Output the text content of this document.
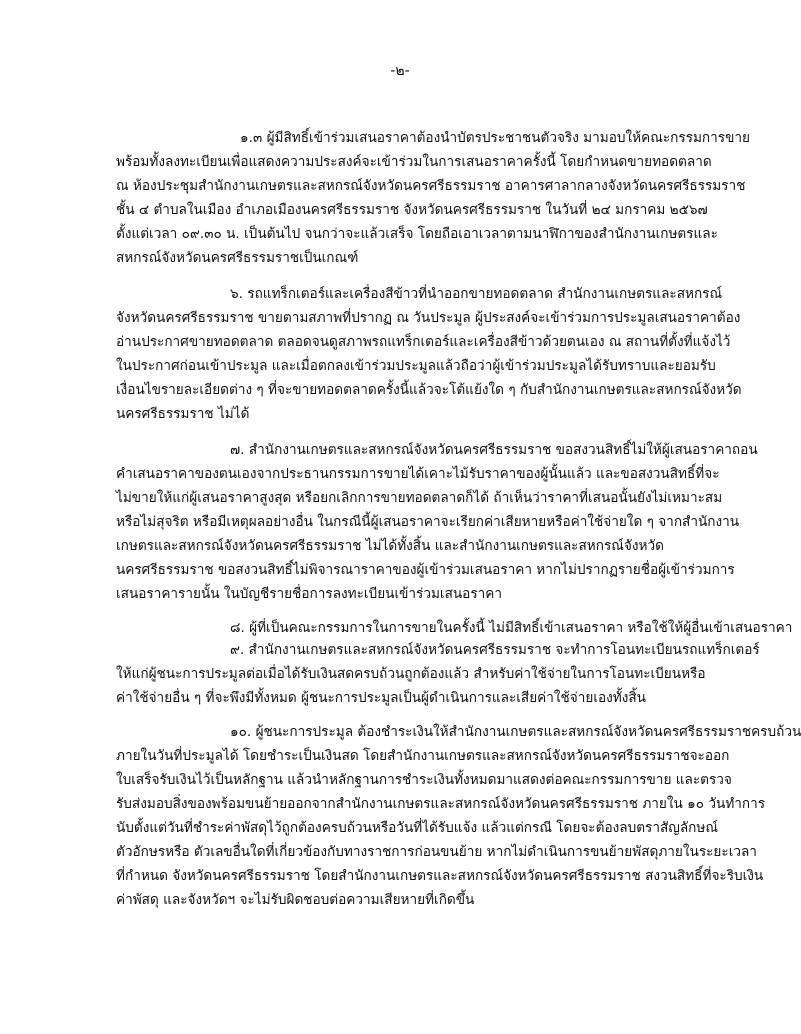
-๒-
๑.๓ ผู้มีสิทธิ์เข้าร่วมเสนอราคาต้องนำบัตรประชาชนตัวจริง มามอบให้คณะกรรมการขาย
พร้อมทั้งลงทะเบียนเพื่อแสดงความประสงค์จะเข้าร่วมในการเสนอราคาครั้งนี้ โดยกำหนดขายทอดตลาด
ณ ห้องประชุมสำนักงานเกษตรและสหกรณ์จังหวัดนครศรีธรรมราช อาคารศาลากลางจังหวัดนครศรีธรรมราช
ชั้น ๔ ตำบลในเมือง อำเภอเมืองนครศรีธรรมราช จังหวัดนครศรีธรรมราช ในวันที่ ๒๔ มกราคม ๒๕๖๗
ตั้งแต่เวลา ๐๙.๓๐ น. เป็นต้นไป จนกว่าจะแล้วเสร็จ โดยถือเอาเวลาตามนาฬิกาของสำนักงานเกษตรและ
สหกรณ์จังหวัดนครศรีธรรมราชเป็นเกณฑ์
๖. รถแทร็กเตอร์และเครื่องสีข้าวที่นำออกขายทอดตลาด สำนักงานเกษตรและสหกรณ์
จังหวัดนครศรีธรรมราช ขายตามสภาพที่ปรากฏ ณ วันประมูล ผู้ประสงค์จะเข้าร่วมการประมูลเสนอราคาต้อง
อ่านประกาศขายทอดตลาด ตลอดจนดูสภาพรถแทร็กเตอร์และเครื่องสีข้าวด้วยตนเอง ณ สถานที่ตั้งที่แจ้งไว้
ในประกาศก่อนเข้าประมูล และเมื่อตกลงเข้าร่วมประมูลแล้วถือว่าผู้เข้าร่วมประมูลได้รับทราบและยอมรับ
เงื่อนไขรายละเอียดต่าง ๆ ที่จะขายทอดตลาดครั้งนี้แล้วจะโต้แย้งใด ๆ กับสำนักงานเกษตรและสหกรณ์จังหวัด
นครศรีธรรมราช ไม่ได้
๗. สำนักงานเกษตรและสหกรณ์จังหวัดนครศรีธรรมราช ขอสงวนสิทธิ์ไม่ให้ผู้เสนอราคาถอน
คำเสนอราคาของตนเองจากประธานกรรมการขายได้เคาะไม้รับราคาของผู้นั้นแล้ว และขอสงวนสิทธิ์ที่จะ
ไม่ขายให้แก่ผู้เสนอราคาสูงสุด หรือยกเลิกการขายทอดตลาดก็ได้ ถ้าเห็นว่าราคาที่เสนอนั้นยังไม่เหมาะสม
หรือไม่สุจริต หรือมีเหตุผลอย่างอื่น ในกรณีนี้ผู้เสนอราคาจะเรียกค่าเสียหายหรือค่าใช้จ่ายใด ๆ จากสำนักงาน
เกษตรและสหกรณ์จังหวัดนครศรีธรรมราช ไม่ได้ทั้งสิ้น และสำนักงานเกษตรและสหกรณ์จังหวัด
นครศรีธรรมราช ขอสงวนสิทธิ์ไม่พิจารณาราคาของผู้เข้าร่วมเสนอราคา หากไม่ปรากฏรายชื่อผู้เข้าร่วมการ
เสนอราคารายนั้น ในบัญชีรายชื่อการลงทะเบียนเข้าร่วมเสนอราคา
๘. ผู้ที่เป็นคณะกรรมการในการขายในครั้งนี้ ไม่มีสิทธิ์เข้าเสนอราคา หรือใช้ให้ผู้อื่นเข้าเสนอราคา
๙. สำนักงานเกษตรและสหกรณ์จังหวัดนครศรีธรรมราช จะทำการโอนทะเบียนรถแทร็กเตอร์
ให้แก่ผู้ชนะการประมูลต่อเมื่อได้รับเงินสดครบถ้วนถูกต้องแล้ว สำหรับค่าใช้จ่ายในการโอนทะเบียนหรือ
ค่าใช้จ่ายอื่น ๆ ที่จะพึงมีทั้งหมด ผู้ชนะการประมูลเป็นผู้ดำเนินการและเสียค่าใช้จ่ายเองทั้งสิ้น
๑๐. ผู้ชนะการประมูล ต้องชำระเงินให้สำนักงานเกษตรและสหกรณ์จังหวัดนครศรีธรรมราชครบถ้วน
ภายในวันที่ประมูลได้ โดยชำระเป็นเงินสด โดยสำนักงานเกษตรและสหกรณ์จังหวัดนครศรีธรรมราชจะออก
ใบเสร็จรับเงินไว้เป็นหลักฐาน แล้วนำหลักฐานการชำระเงินทั้งหมดมาแสดงต่อคณะกรรมการขาย และตรวจ
รับส่งมอบสิ่งของพร้อมขนย้ายออกจากสำนักงานเกษตรและสหกรณ์จังหวัดนครศรีธรรมราช ภายใน ๑๐ วันทำการ
นับตั้งแต่วันที่ชำระค่าพัสดุไว้ถูกต้องครบถ้วนหรือวันที่ได้รับแจ้ง แล้วแต่กรณี โดยจะต้องลบตราสัญลักษณ์
ตัวอักษรหรือ ตัวเลขอื่นใดที่เกี่ยวข้องกับทางราชการก่อนขนย้าย หากไม่ดำเนินการขนย้ายพัสดุภายในระยะเวลา
ที่กำหนด จังหวัดนครศรีธรรมราช โดยสำนักงานเกษตรและสหกรณ์จังหวัดนครศรีธรรมราช สงวนสิทธิ์ที่จะริบเงิน
ค่าพัสดุ และจังหวัดฯ จะไม่รับผิดชอบต่อความเสียหายที่เกิดขึ้น
